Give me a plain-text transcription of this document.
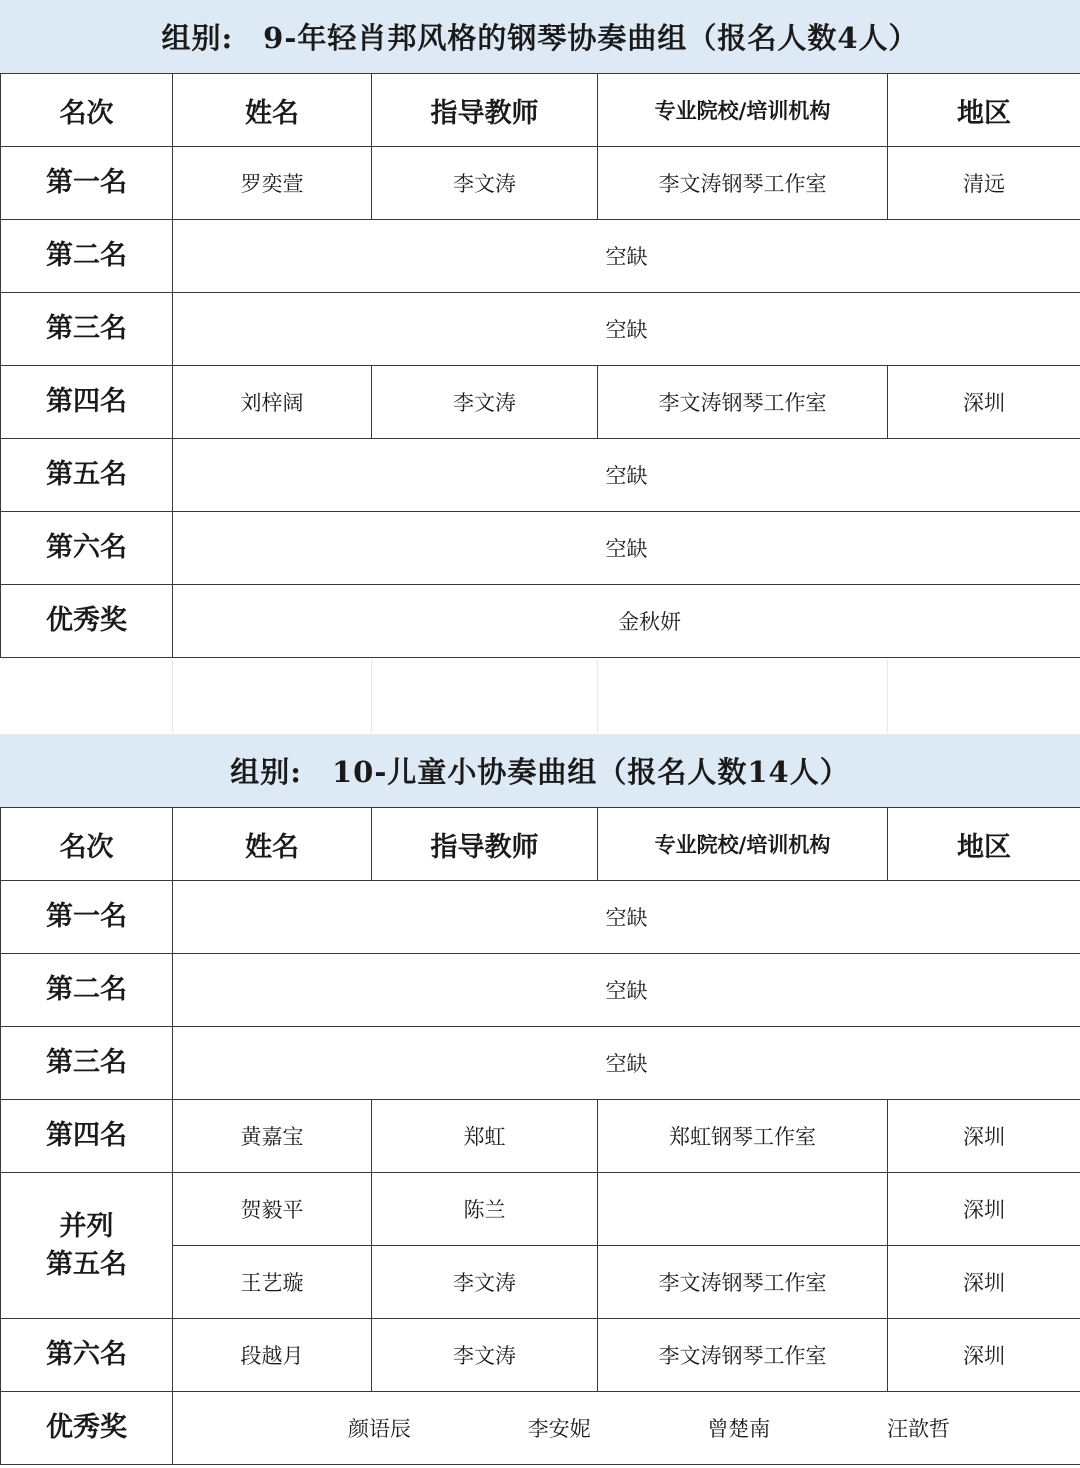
组别: 9-年轻肖邦风格的钢琴协奏曲组（报名人数4人）
名次	姓名	指导教师	专业院校/培训机构	地区
第一名	罗奕萱	李文涛	李文涛钢琴工作室	清远
第二名	空缺			
第三名	空缺			
第四名	刘梓阔	李文涛	李文涛钢琴工作室	深圳
第五名	空缺			
第六名	空缺			
优秀奖	金秋妍			
组别: 10-儿童小协奏曲组（报名人数14人）
名次	姓名	指导教师	专业院校/培训机构	地区
第一名	空缺			
第二名	空缺			
第三名	空缺			
第四名	黄嘉宝	郑虹	郑虹钢琴工作室	深圳

并列
第五名	贺毅平	陈兰		深圳
	王艺璇	李文涛	李文涛钢琴工作室	深圳
第六名	段越月	李文涛	李文涛钢琴工作室	深圳
优秀奖	颜语辰 李安妮 曾楚南 汪歆哲			
